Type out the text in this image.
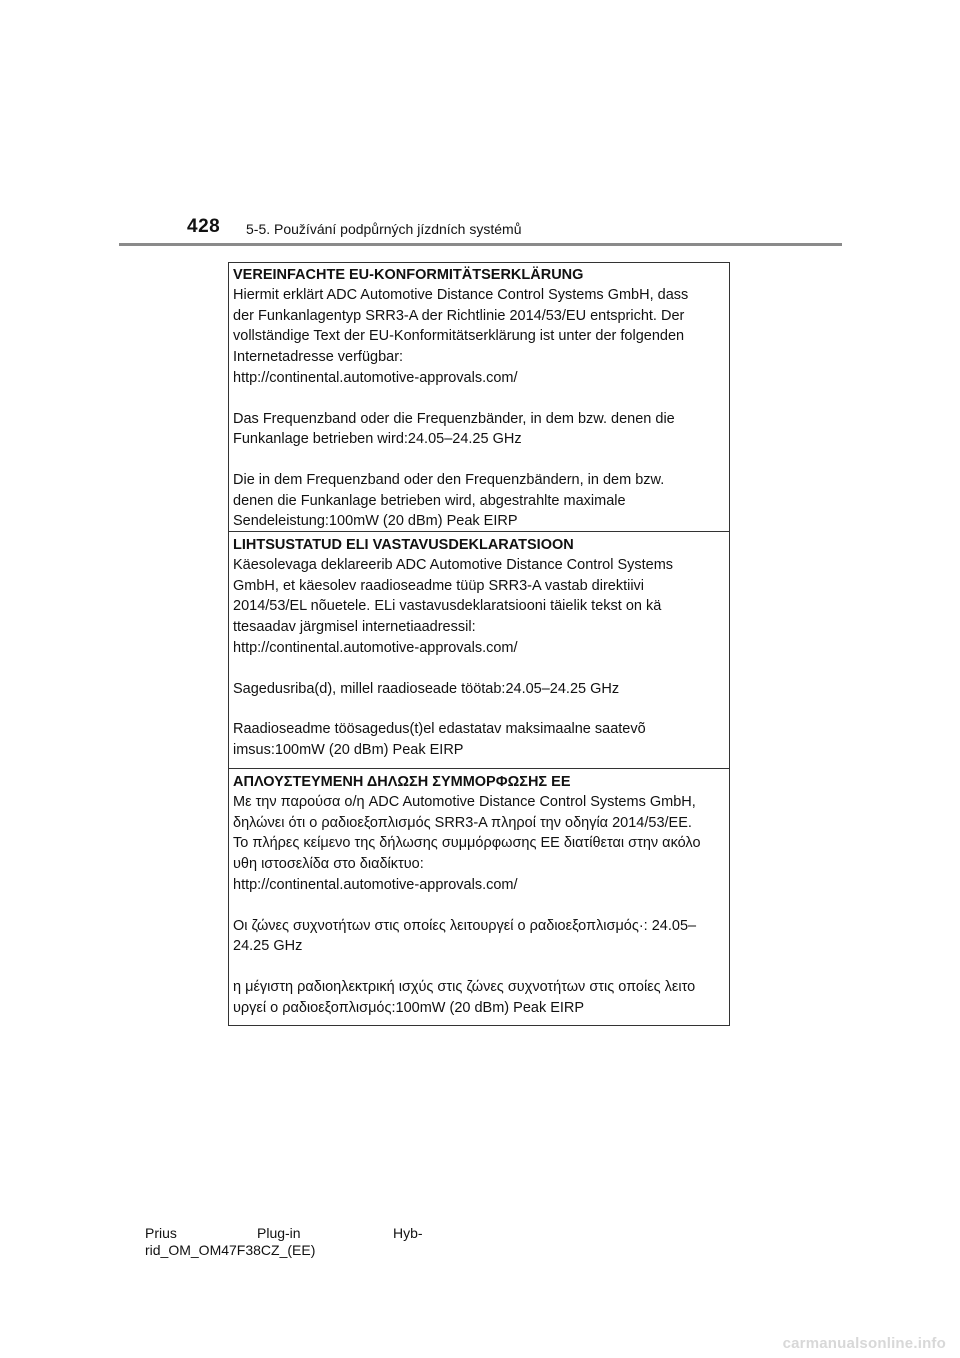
428 5-5. Používání podpůrných jízdních systémů
VEREINFACHTE EU-KONFORMITÄTSERKLÄRUNG

Hiermit erklärt ADC Automotive Distance Control Systems GmbH, dass

der Funkanlagentyp SRR3-A der Richtlinie 2014/53/EU entspricht. Der

vollständige Text der EU-Konformitätserklärung ist unter der folgenden

Internetadresse verfügbar:

http://continental.automotive-approvals.com/

Das Frequenzband oder die Frequenzbänder, in dem bzw. denen die

Funkanlage betrieben wird:24.05–24.25 GHz

Die in dem Frequenzband oder den Frequenzbändern, in dem bzw.

denen die Funkanlage betrieben wird, abgestrahlte maximale

Sendeleistung:100mW (20 dBm) Peak EIRP

LIHTSUSTATUD ELI VASTAVUSDEKLARATSIOON

Käesolevaga deklareerib ADC Automotive Distance Control Systems

GmbH, et käesolev raadioseadme tüüp SRR3-A vastab direktiivi

2014/53/EL nõuetele. ELi vastavusdeklaratsiooni täielik tekst on kä

ttesaadav järgmisel internetiaadressil:

http://continental.automotive-approvals.com/

Sagedusriba(d), millel raadioseade töötab:24.05–24.25 GHz

Raadioseadme töösagedus(t)el edastatav maksimaalne saatevõ

imsus:100mW (20 dBm) Peak EIRP

ΑΠΛΟΥΣΤΕΥΜΕΝΗ ΔΗΛΩΣΗ ΣΥΜΜΟΡΦΩΣΗΣ ΕΕ

Με την παρούσα ο/η ADC Automotive Distance Control Systems GmbH,

δηλώνει ότι ο ραδιοεξοπλισμός SRR3-A πληροί την οδηγία 2014/53/ΕΕ.

Το πλήρες κείμενο της δήλωσης συμμόρφωσης ΕΕ διατίθεται στην ακόλο

υθη ιστοσελίδα στο διαδίκτυο:

http://continental.automotive-approvals.com/

Οι ζώνες συχνοτήτων στις οποίες λειτουργεί ο ραδιοεξοπλισμός·: 24.05–

24.25 GHz

η μέγιστη ραδιοηλεκτρική ισχύς στις ζώνες συχνοτήτων στις οποίες λειτο

υργεί ο ραδιοεξοπλισμός:100mW (20 dBm) Peak EIRP

Prius	Plug-in	Hyb-
rid_OM_OM47F38CZ_(EE)
carmanualsonline.info
